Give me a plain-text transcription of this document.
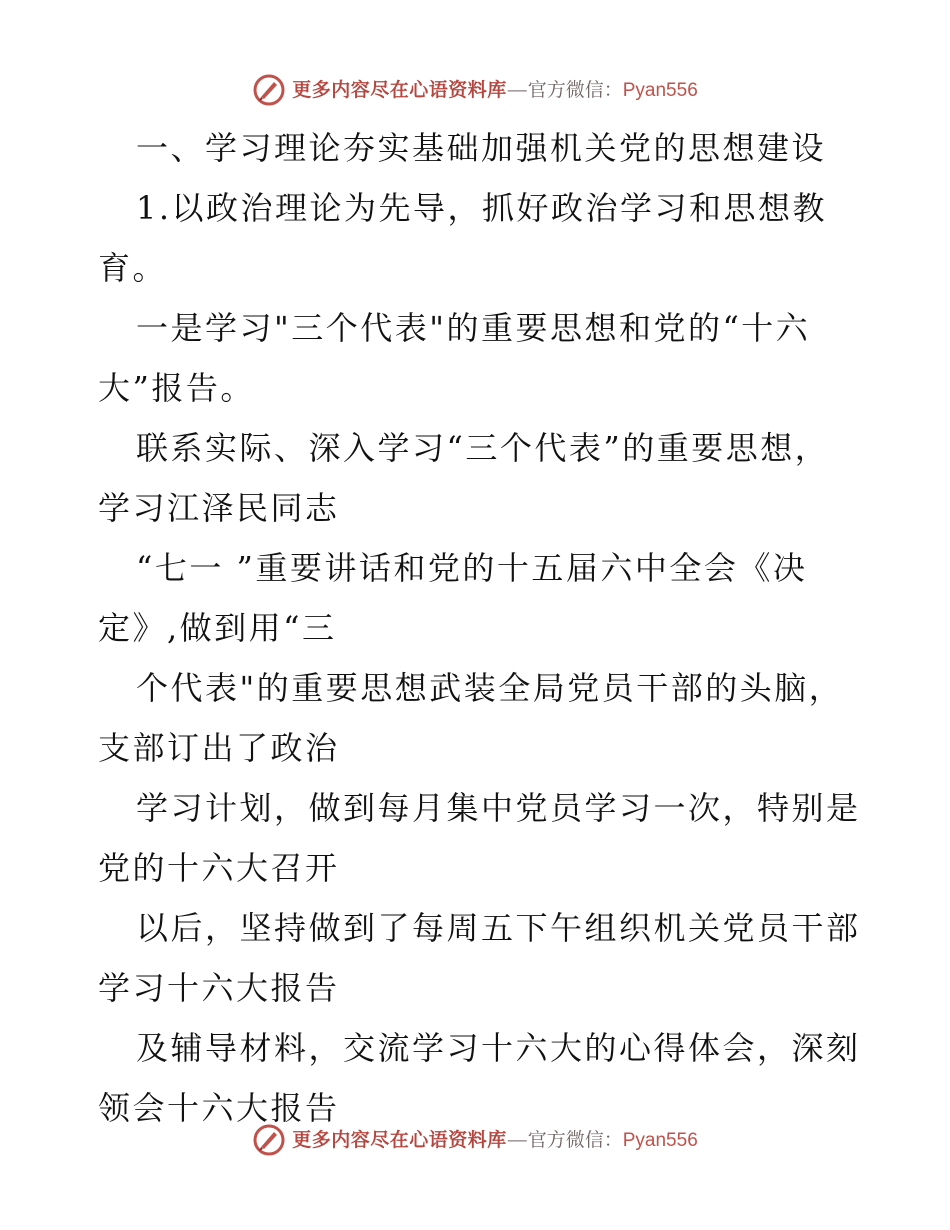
更多内容尽在心语资料库 — 官方微信： Pyan556
一、学习理论夯实基础加强机关党的思想建设
1.以政治理论为先导，抓好政治学习和思想教
育。
一是学习"三个代表"的重要思想和党的“十六
大”报告。
联系实际、深入学习“三个代表”的重要思想，
学习江泽民同志
“七一 ”重要讲话和党的十五届六中全会《决
定》,做到用“三
个代表"的重要思想武装全局党员干部的头脑，
支部订出了政治
学习计划，做到每月集中党员学习一次，特别是
党的十六大召开
以后，坚持做到了每周五下午组织机关党员干部
学习十六大报告
及辅导材料，交流学习十六大的心得体会，深刻
领会十六大报告
更多内容尽在心语资料库 — 官方微信： Pyan556
